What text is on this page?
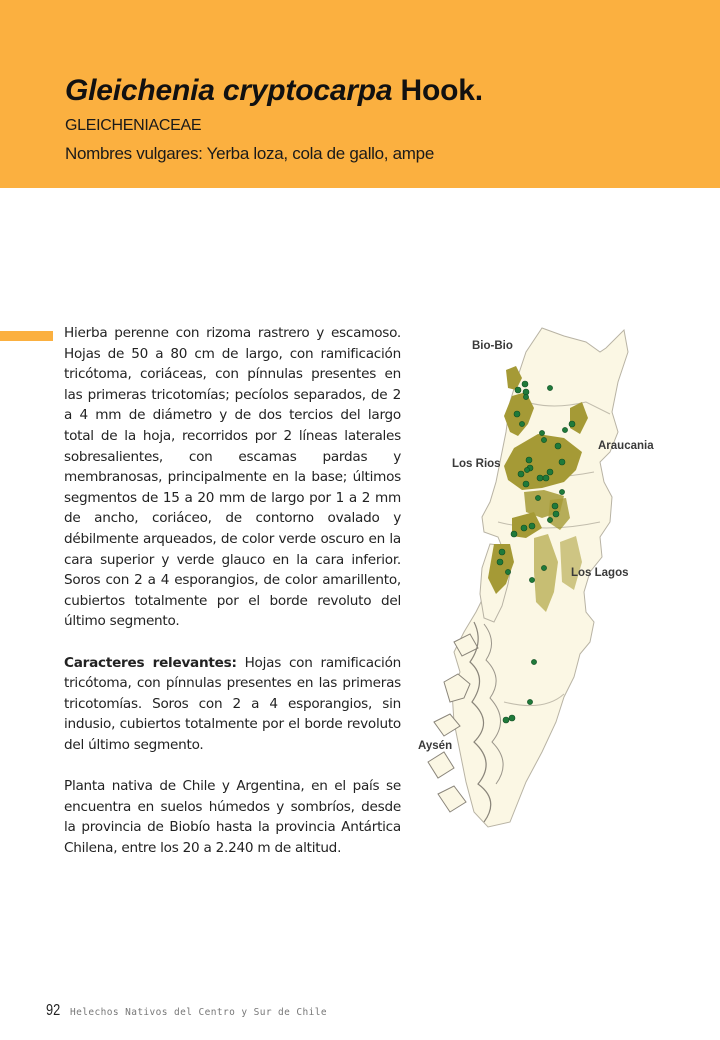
Gleichenia cryptocarpa Hook.
GLEICHENIACEAE
Nombres vulgares: Yerba loza, cola de gallo, ampe

Hierba perenne con rizoma rastrero y escamoso. Hojas de 50 a 80 cm de largo, con ramificación tricótoma, coriáceas, con pínnulas presentes en las primeras tricotomías; pecíolos separados, de 2 a 4 mm de diámetro y de dos tercios del largo total de la hoja, recorridos por 2 líneas laterales sobresalientes, con escamas pardas y membranosas, principalmente en la base; últimos segmentos de 15 a 20 mm de largo por 1 a 2 mm de ancho, coriáceo, de contorno ovalado y débilmente arqueados, de color verde oscuro en la cara superior y verde glauco en la cara inferior. Soros con 2 a 4 esporangios, de color amarillento, cubiertos totalmente por el borde revoluto del último segmento.

Caracteres relevantes: Hojas con ramificación tricótoma, con pínnulas presentes en las primeras tricotomías. Soros con 2 a 4 esporangios, sin indusio, cubiertos totalmente por el borde revoluto del último segmento.

Planta nativa de Chile y Argentina, en el país se encuentra en suelos húmedos y sombríos, desde la provincia de Biobío hasta la provincia Antártica Chilena, entre los 20 a 2.240 m de altitud.

Bio-Bio
Araucania
Los Rios
Los Lagos
Aysén
92 Helechos Nativos del Centro y Sur de Chile
